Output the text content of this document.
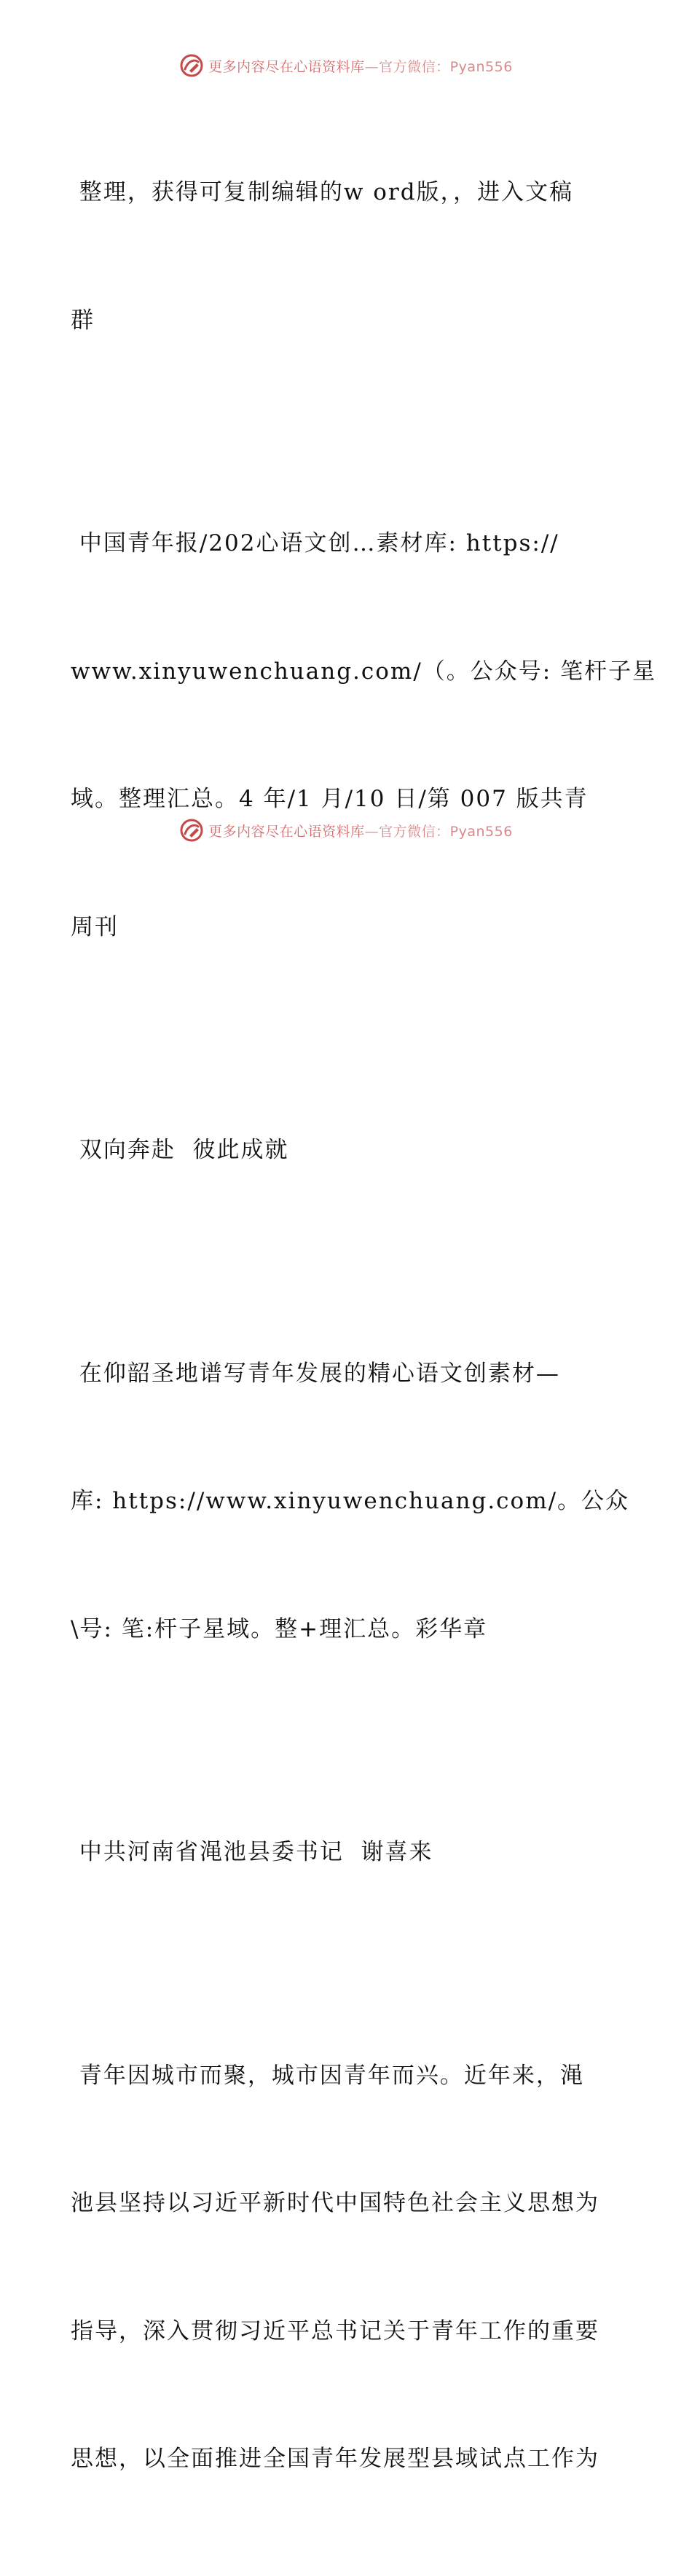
更多内容尽在心语资料库—官方微信：Pyan556

整理，获得可复制编辑的w ord版，，进入文稿

群

中国青年报/202心语文创…素材库: https://

www.xinyuwenchuang.com/（。公众号: 笔杆子星

域。整理汇总。4 年/1 月/10 日/第 007 版共青

周刊

双向奔赴  彼此成就

在仰韶圣地谱写青年发展的精心语文创素材—

库: https://www.xinyuwenchuang.com/。公众

\号: 笔:杆子星域。整+理汇总。彩华章

中共河南省渑池县委书记  谢喜来

青年因城市而聚，城市因青年而兴。近年来，渑

池县坚持以习近平新时代中国特色社会主义思想为

指导，深入贯彻习近平总书记关于青年工作的重要

思想，以全面推进全国青年发展型县域试点工作为

更多内容尽在心语资料库—官方微信：Pyan556
